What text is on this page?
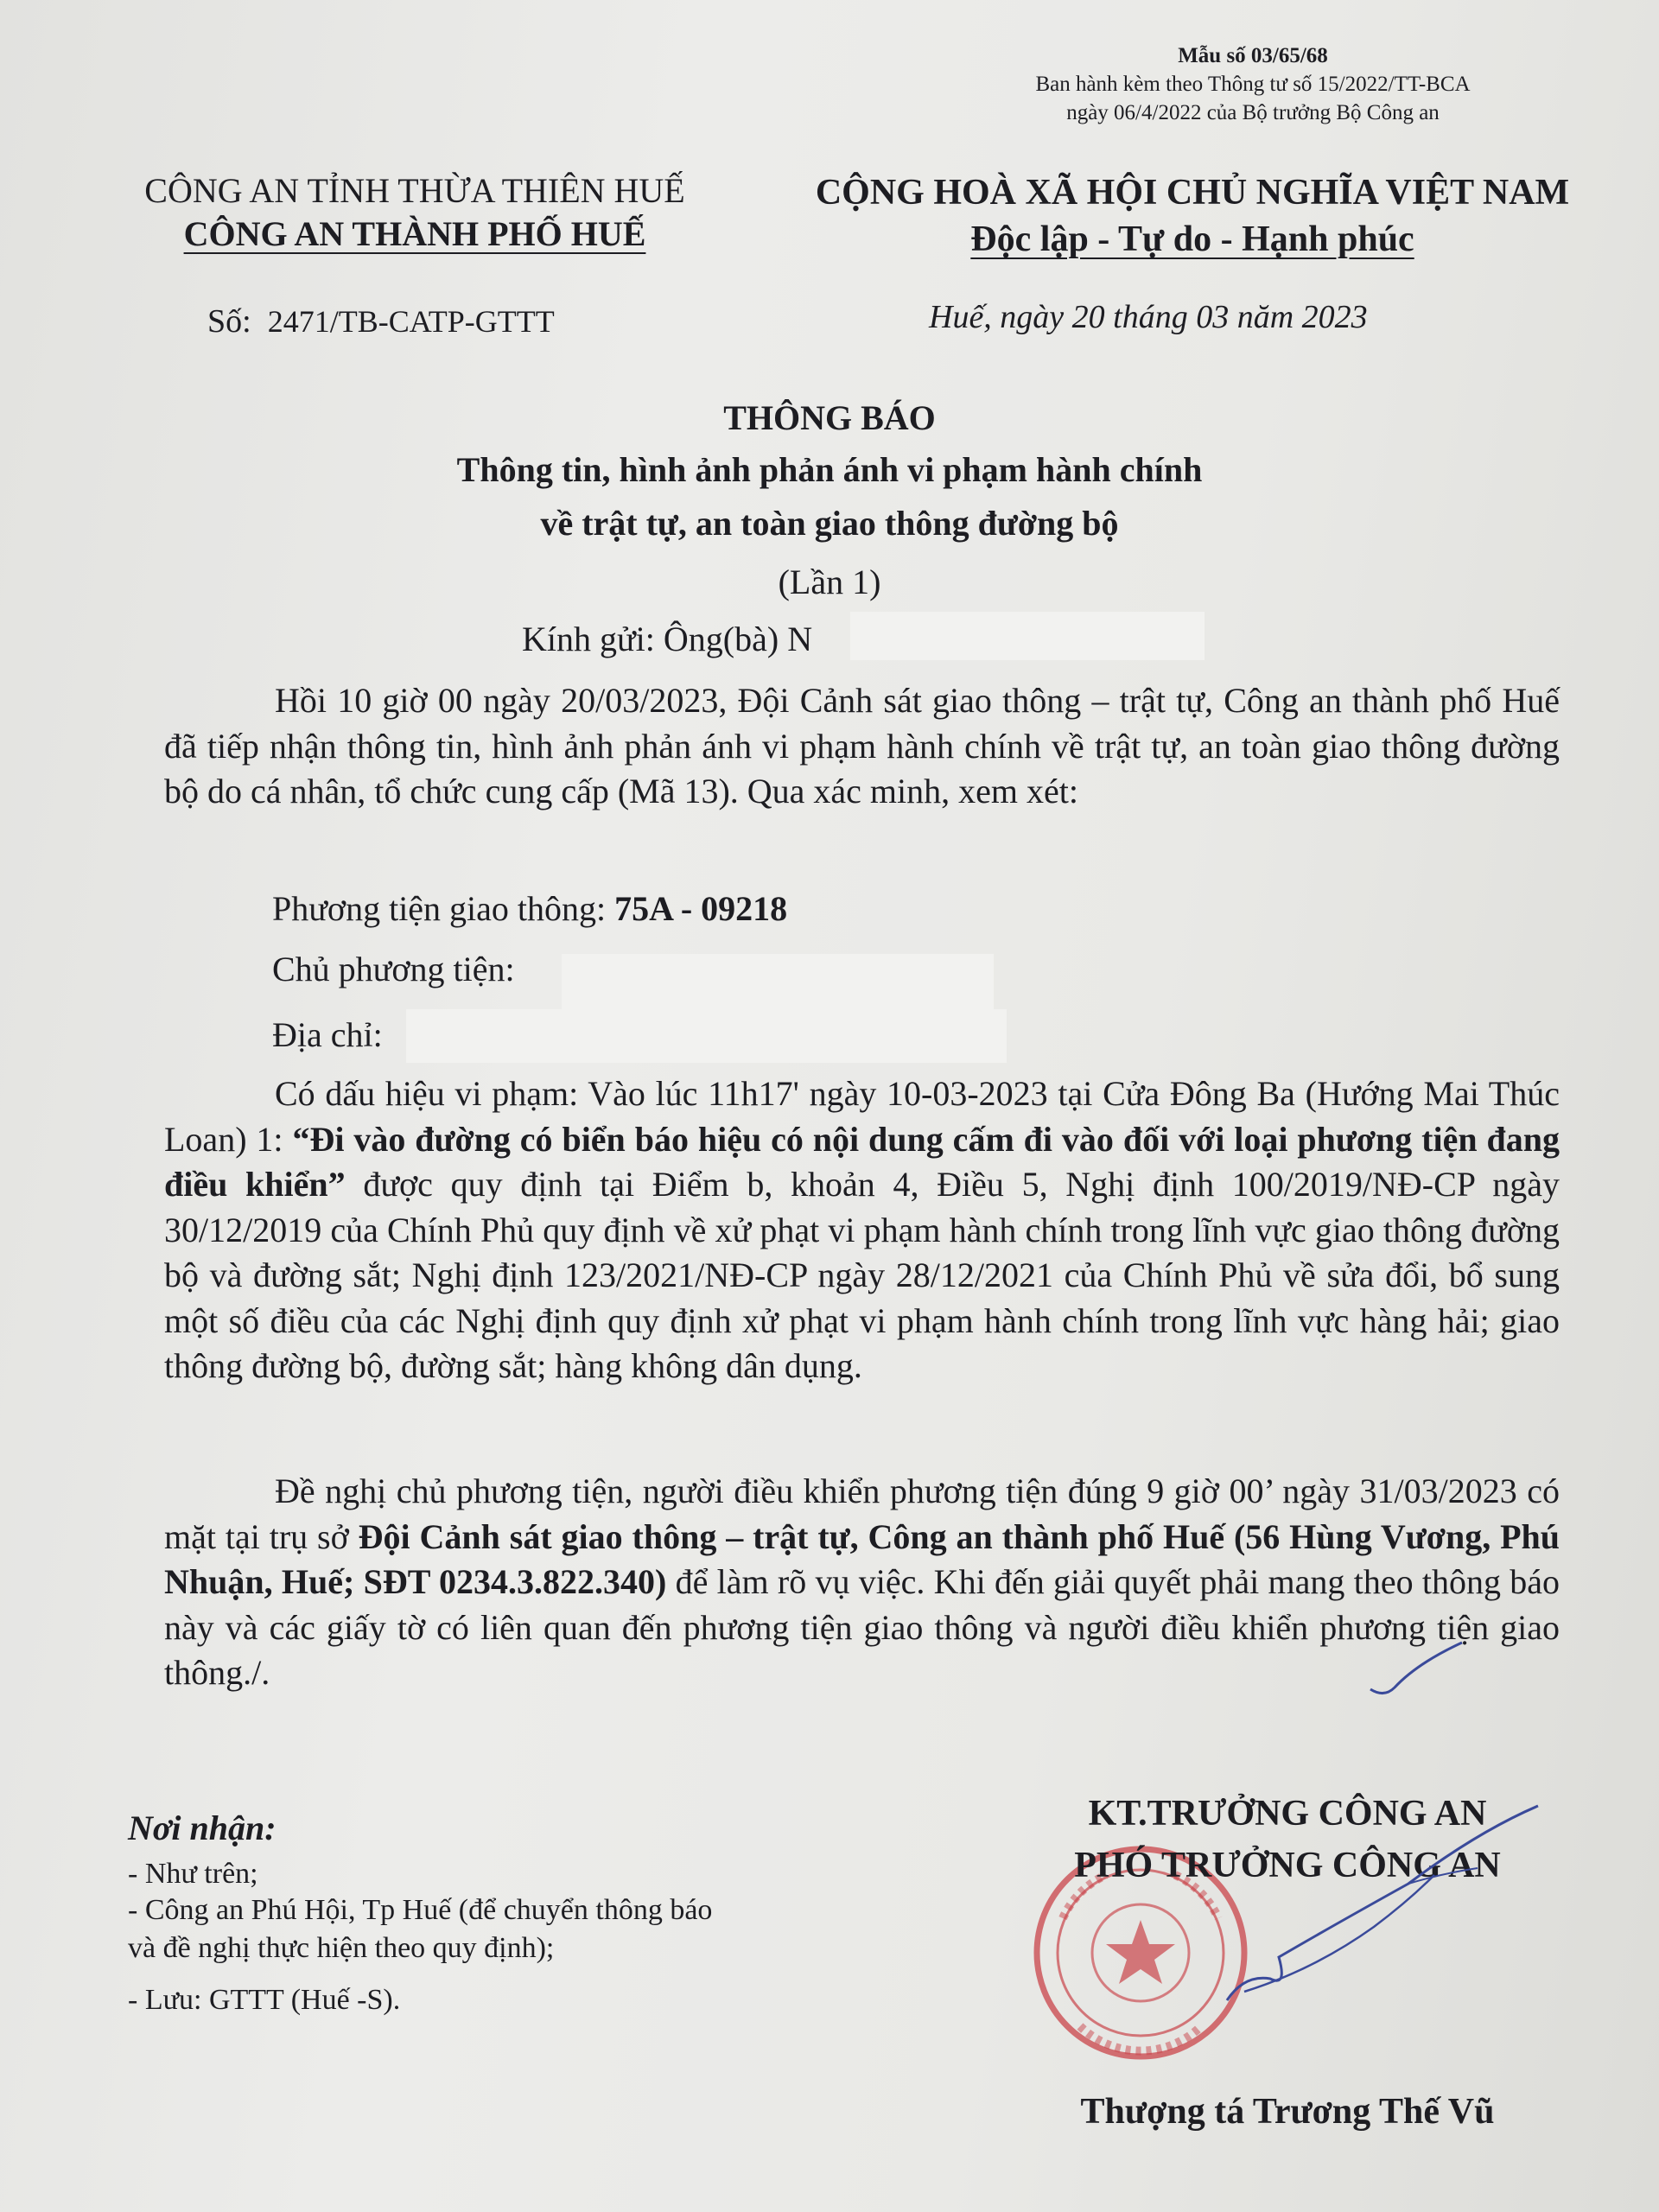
Mẫu số 03/65/68
Ban hành kèm theo Thông tư số 15/2022/TT-BCA
ngày 06/4/2022 của Bộ trưởng Bộ Công an
CÔNG AN TỈNH THỪA THIÊN HUẾ
CÔNG AN THÀNH PHỐ HUẾ
CỘNG HOÀ XÃ HỘI CHỦ NGHĨA VIỆT NAM
Độc lập - Tự do - Hạnh phúc
Số: 2471/TB-CATP-GTTT	Huế, ngày 20 tháng 03 năm 2023
THÔNG BÁO
Thông tin, hình ảnh phản ánh vi phạm hành chính
về trật tự, an toàn giao thông đường bộ
(Lần 1)
Kính gửi: Ông(bà) N
Hồi 10 giờ 00 ngày 20/03/2023, Đội Cảnh sát giao thông – trật tự, Công an thành phố Huế đã tiếp nhận thông tin, hình ảnh phản ánh vi phạm hành chính về trật tự, an toàn giao thông đường bộ do cá nhân, tổ chức cung cấp (Mã 13). Qua xác minh, xem xét:
Phương tiện giao thông: 75A - 09218
Chủ phương tiện:
Địa chỉ:
Có dấu hiệu vi phạm: Vào lúc 11h17' ngày 10-03-2023 tại Cửa Đông Ba (Hướng Mai Thúc Loan) 1: “Đi vào đường có biển báo hiệu có nội dung cấm đi vào đối với loại phương tiện đang điều khiển” được quy định tại Điểm b, khoản 4, Điều 5, Nghị định 100/2019/NĐ-CP ngày 30/12/2019 của Chính Phủ quy định về xử phạt vi phạm hành chính trong lĩnh vực giao thông đường bộ và đường sắt; Nghị định 123/2021/NĐ-CP ngày 28/12/2021 của Chính Phủ về sửa đổi, bổ sung một số điều của các Nghị định quy định xử phạt vi phạm hành chính trong lĩnh vực hàng hải; giao thông đường bộ, đường sắt; hàng không dân dụng.
Đề nghị chủ phương tiện, người điều khiển phương tiện đúng 9 giờ 00’ ngày 31/03/2023 có mặt tại trụ sở Đội Cảnh sát giao thông – trật tự, Công an thành phố Huế (56 Hùng Vương, Phú Nhuận, Huế; SĐT 0234.3.822.340) để làm rõ vụ việc. Khi đến giải quyết phải mang theo thông báo này và các giấy tờ có liên quan đến phương tiện giao thông và người điều khiển phương tiện giao thông./.
Nơi nhận:
- Như trên;
- Công an Phú Hội, Tp Huế (để chuyển thông báo
và đề nghị thực hiện theo quy định);
- Lưu: GTTT (Huế -S).
KT.TRƯỞNG CÔNG AN
PHÓ TRƯỞNG CÔNG AN
Thượng tá Trương Thế Vũ
